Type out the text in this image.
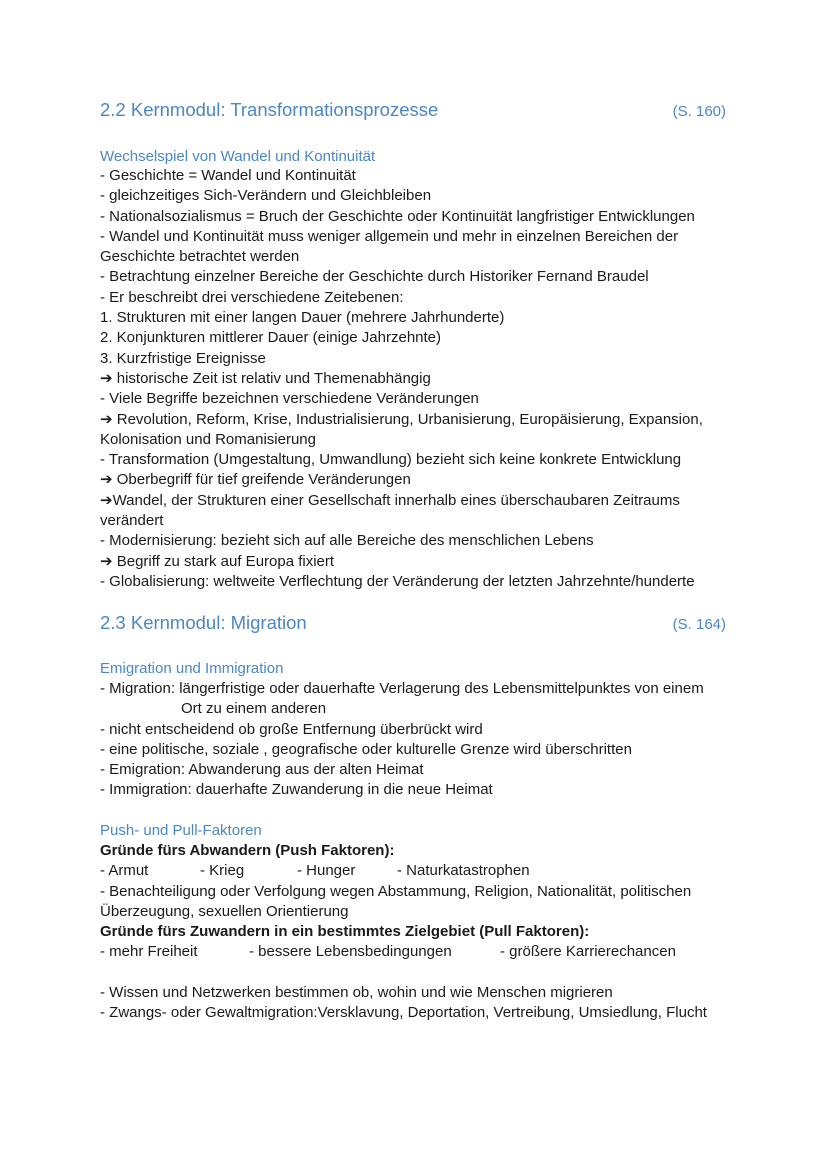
2.2 Kernmodul: Transformationsprozesse	(S. 160)
Wechselspiel von Wandel und Kontinuität

- Geschichte = Wandel und Kontinuität

- gleichzeitiges Sich-Verändern und Gleichbleiben

- Nationalsozialismus = Bruch der Geschichte oder Kontinuität langfristiger Entwicklungen

- Wandel und Kontinuität muss weniger allgemein und mehr in einzelnen Bereichen der

Geschichte betrachtet werden

- Betrachtung einzelner Bereiche der Geschichte durch Historiker Fernand Braudel

- Er beschreibt drei verschiedene Zeitebenen:

1. Strukturen mit einer langen Dauer (mehrere Jahrhunderte)

2. Konjunkturen mittlerer Dauer (einige Jahrzehnte)

3. Kurzfristige Ereignisse

➔ historische Zeit ist relativ und Themenabhängig

- Viele Begriffe bezeichnen verschiedene Veränderungen

➔ Revolution, Reform, Krise, Industrialisierung, Urbanisierung, Europäisierung, Expansion,

Kolonisation und Romanisierung

- Transformation (Umgestaltung, Umwandlung) bezieht sich keine konkrete Entwicklung

➔ Oberbegriff für tief greifende Veränderungen

➔Wandel, der Strukturen einer Gesellschaft innerhalb eines überschaubaren Zeitraums

verändert

- Modernisierung: bezieht sich auf alle Bereiche des menschlichen Lebens

➔ Begriff zu stark auf Europa fixiert

- Globalisierung: weltweite Verflechtung der Veränderung der letzten Jahrzehnte/hunderte

2.3 Kernmodul: Migration	(S. 164)
Emigration und Immigration

- Migration: längerfristige oder dauerhafte Verlagerung des Lebensmittelpunktes von einem

Ort zu einem anderen

- nicht entscheidend ob große Entfernung überbrückt wird

- eine politische, soziale , geografische oder kulturelle Grenze wird überschritten

- Emigration: Abwanderung aus der alten Heimat

- Immigration: dauerhafte Zuwanderung in die neue Heimat

Push- und Pull-Faktoren

Gründe fürs Abwandern (Push Faktoren):

- Armut	- Krieg	- Hunger	- Naturkatastrophen

- Benachteiligung oder Verfolgung wegen Abstammung, Religion, Nationalität, politischen

Überzeugung, sexuellen Orientierung

Gründe fürs Zuwandern in ein bestimmtes Zielgebiet (Pull Faktoren):

- mehr Freiheit	- bessere Lebensbedingungen	- größere Karrierechancen

- Wissen und Netzwerken bestimmen ob, wohin und wie Menschen migrieren

- Zwangs- oder Gewaltmigration:Versklavung, Deportation, Vertreibung, Umsiedlung, Flucht
